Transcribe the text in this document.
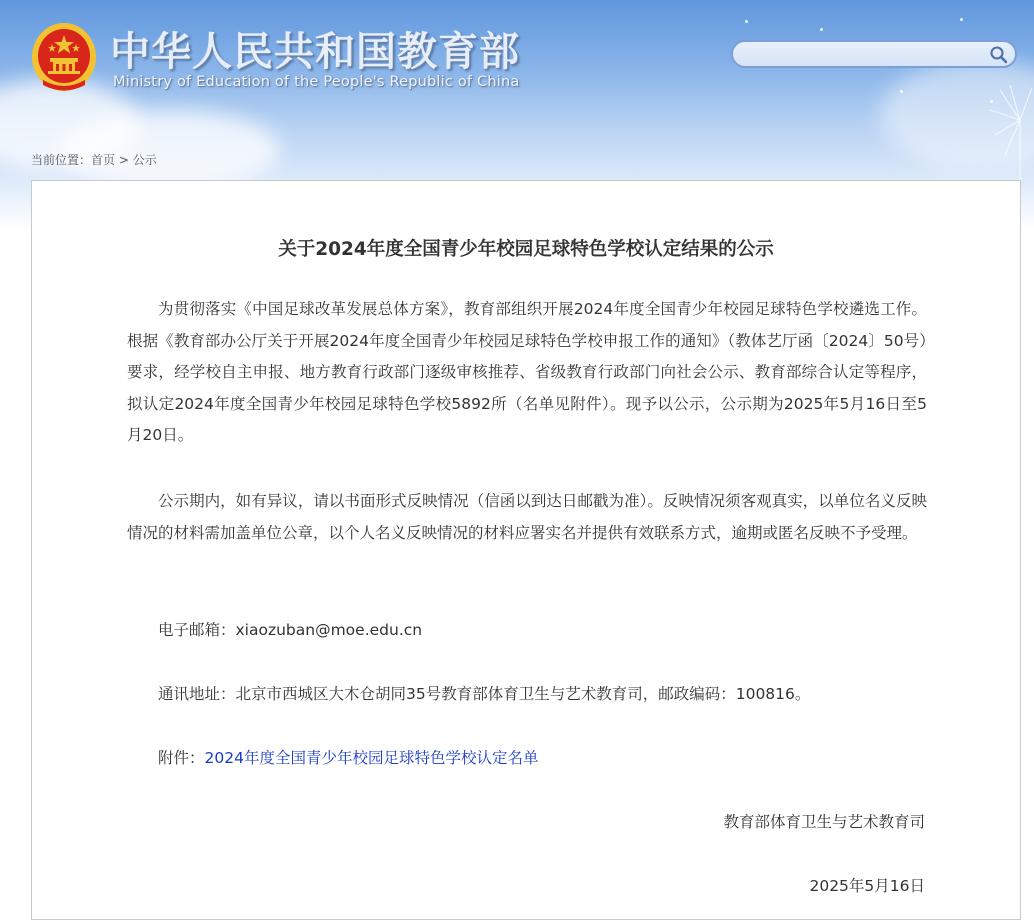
中华人民共和国教育部
Ministry of Education of the People's Republic of China
当前位置：首页 > 公示
关于2024年度全国青少年校园足球特色学校认定结果的公示

为贯彻落实《中国足球改革发展总体方案》，教育部组织开展2024年度全国青少年校园足球特色学校遴选工作。根据《教育部办公厅关于开展2024年度全国青少年校园足球特色学校申报工作的通知》（教体艺厅函〔2024〕50号）要求，经学校自主申报、地方教育行政部门逐级审核推荐、省级教育行政部门向社会公示、教育部综合认定等程序，拟认定2024年度全国青少年校园足球特色学校5892所（名单见附件）。现予以公示，公示期为2025年5月16日至5月20日。

公示期内，如有异议，请以书面形式反映情况（信函以到达日邮戳为准）。反映情况须客观真实，以单位名义反映情况的材料需加盖单位公章，以个人名义反映情况的材料应署实名并提供有效联系方式，逾期或匿名反映不予受理。

电子邮箱：xiaozuban@moe.edu.cn

通讯地址：北京市西城区大木仓胡同35号教育部体育卫生与艺术教育司，邮政编码：100816。

附件：2024年度全国青少年校园足球特色学校认定名单

教育部体育卫生与艺术教育司

2025年5月16日
